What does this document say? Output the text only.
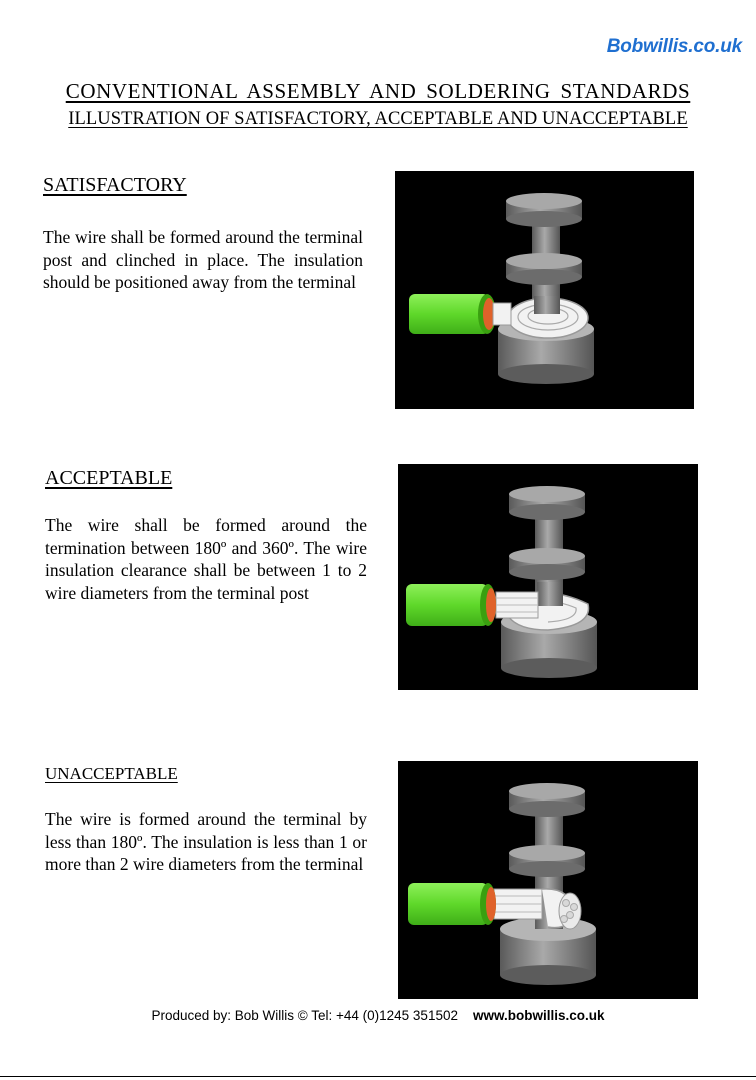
Bobwillis.co.uk
CONVENTIONAL ASSEMBLY AND SOLDERING STANDARDS
ILLUSTRATION OF SATISFACTORY, ACCEPTABLE AND UNACCEPTABLE
SATISFACTORY
The wire shall be formed around the terminal post and clinched in place. The insulation should be positioned away from the terminal
ACCEPTABLE
The wire shall be formed around the termination between 180º and 360º. The wire insulation clearance shall be between 1 to 2 wire diameters from the terminal post
UNACCEPTABLE
The wire is formed around the terminal by less than 180º. The insulation is less than 1 or more than 2 wire diameters from the terminal
Produced by: Bob Willis © Tel: +44 (0)1245 351502 www.bobwillis.co.uk
